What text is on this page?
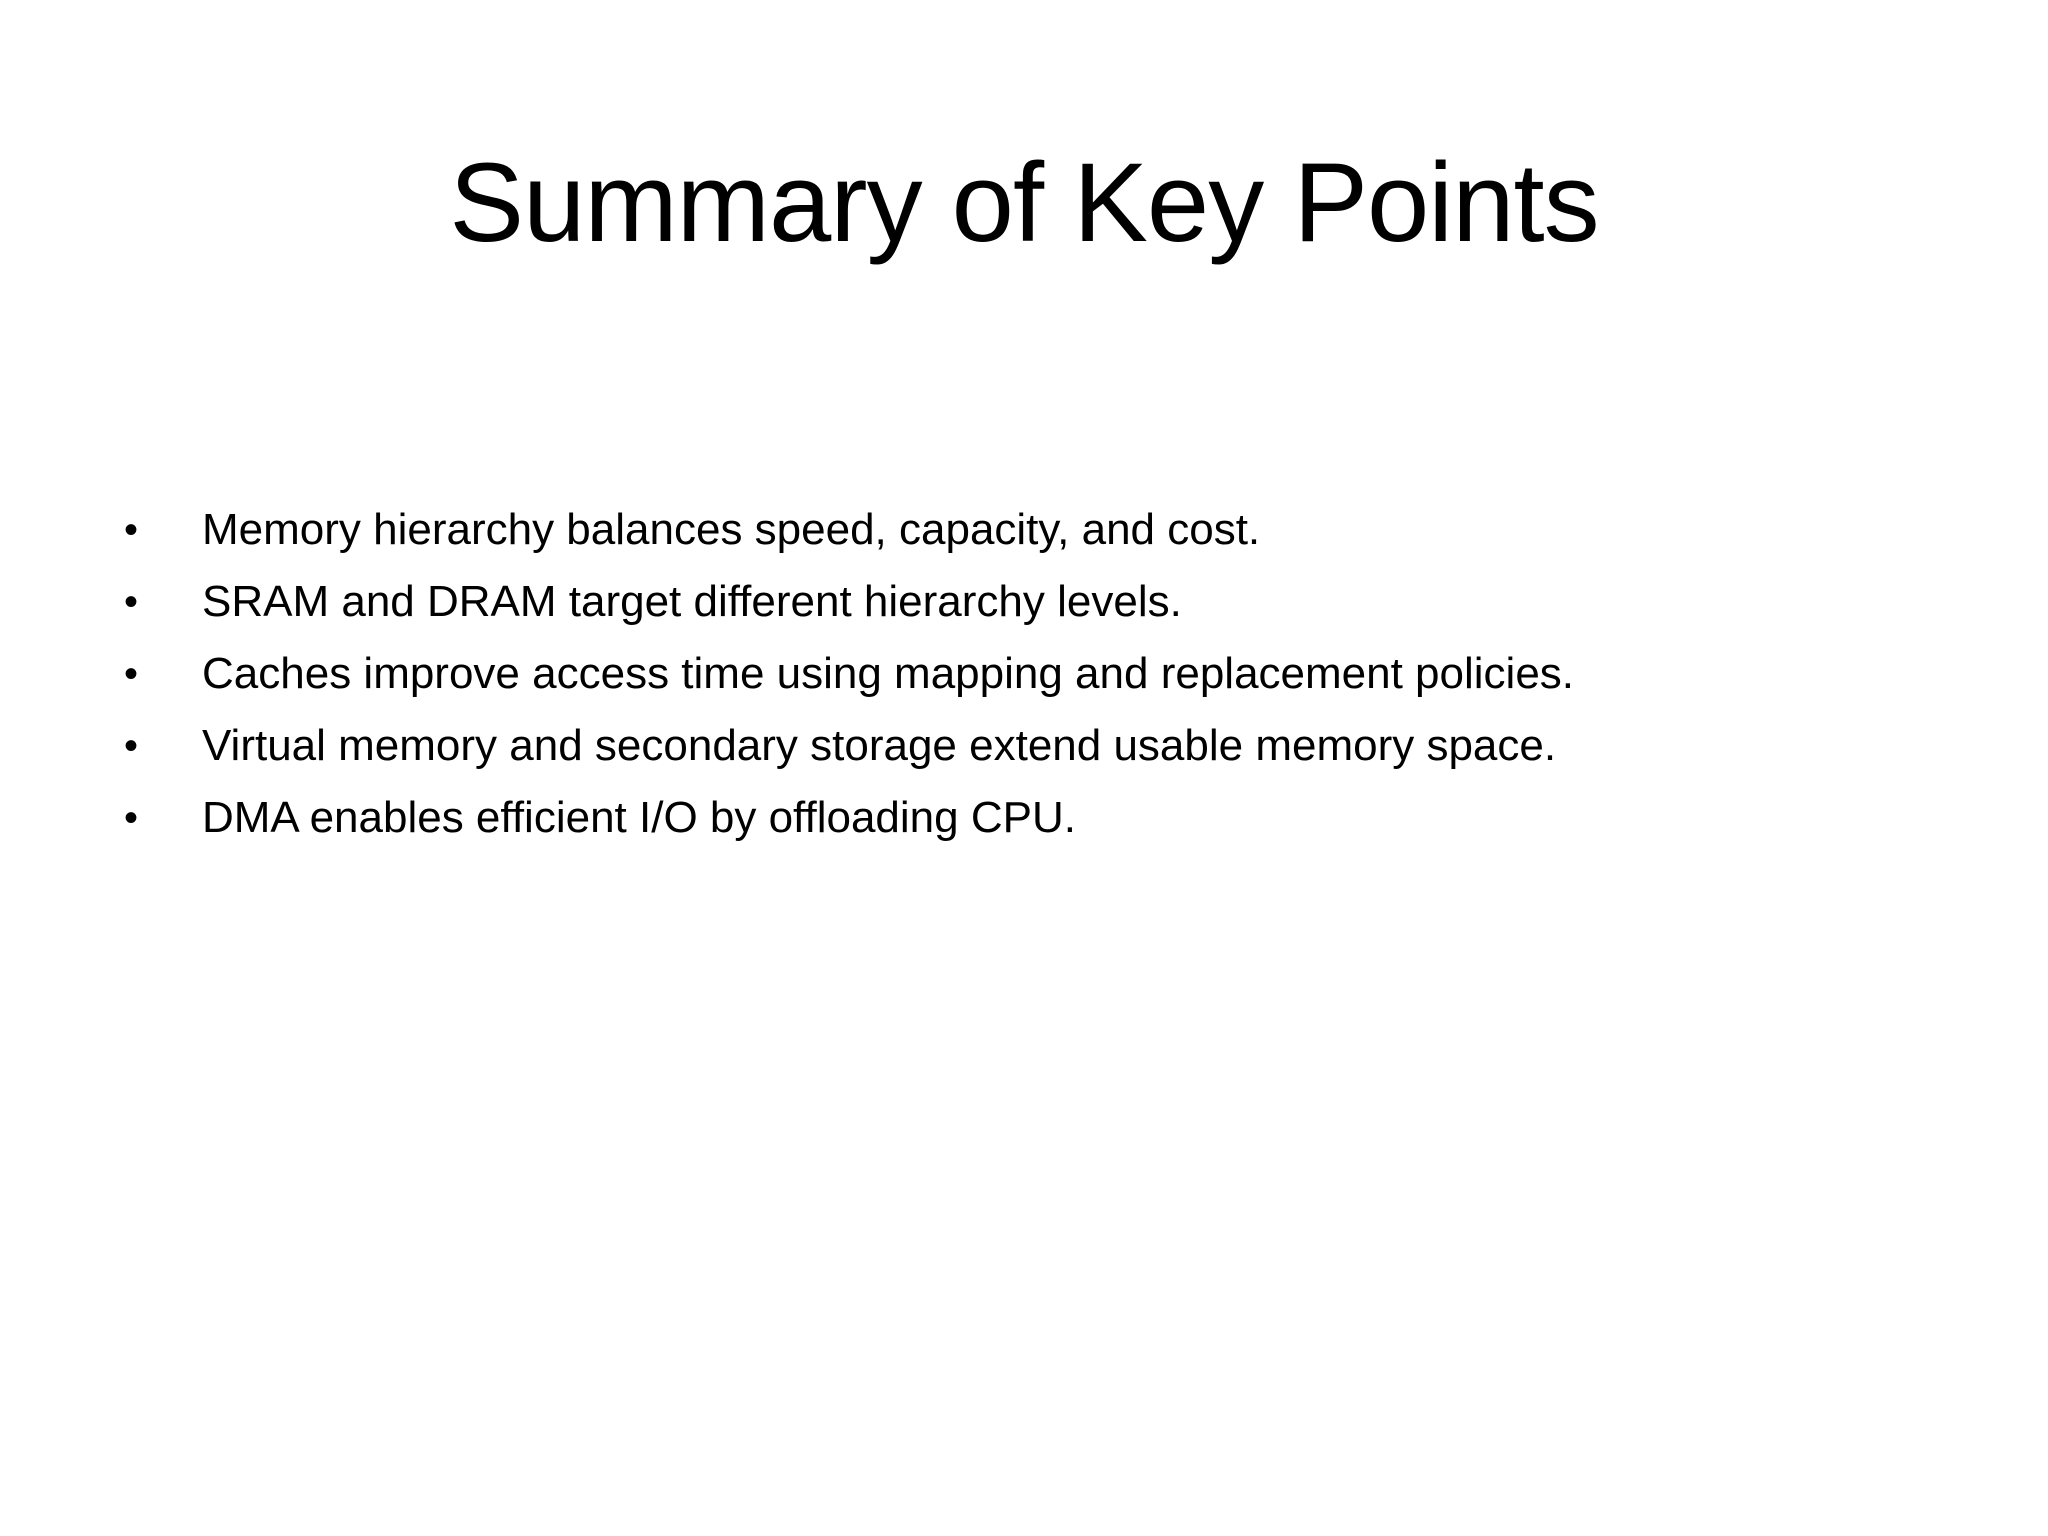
Summary of Key Points
•	Memory hierarchy balances speed, capacity, and cost.
•	SRAM and DRAM target different hierarchy levels.
•	Caches improve access time using mapping and replacement policies.
•	Virtual memory and secondary storage extend usable memory space.
•	DMA enables efficient I/O by offloading CPU.
